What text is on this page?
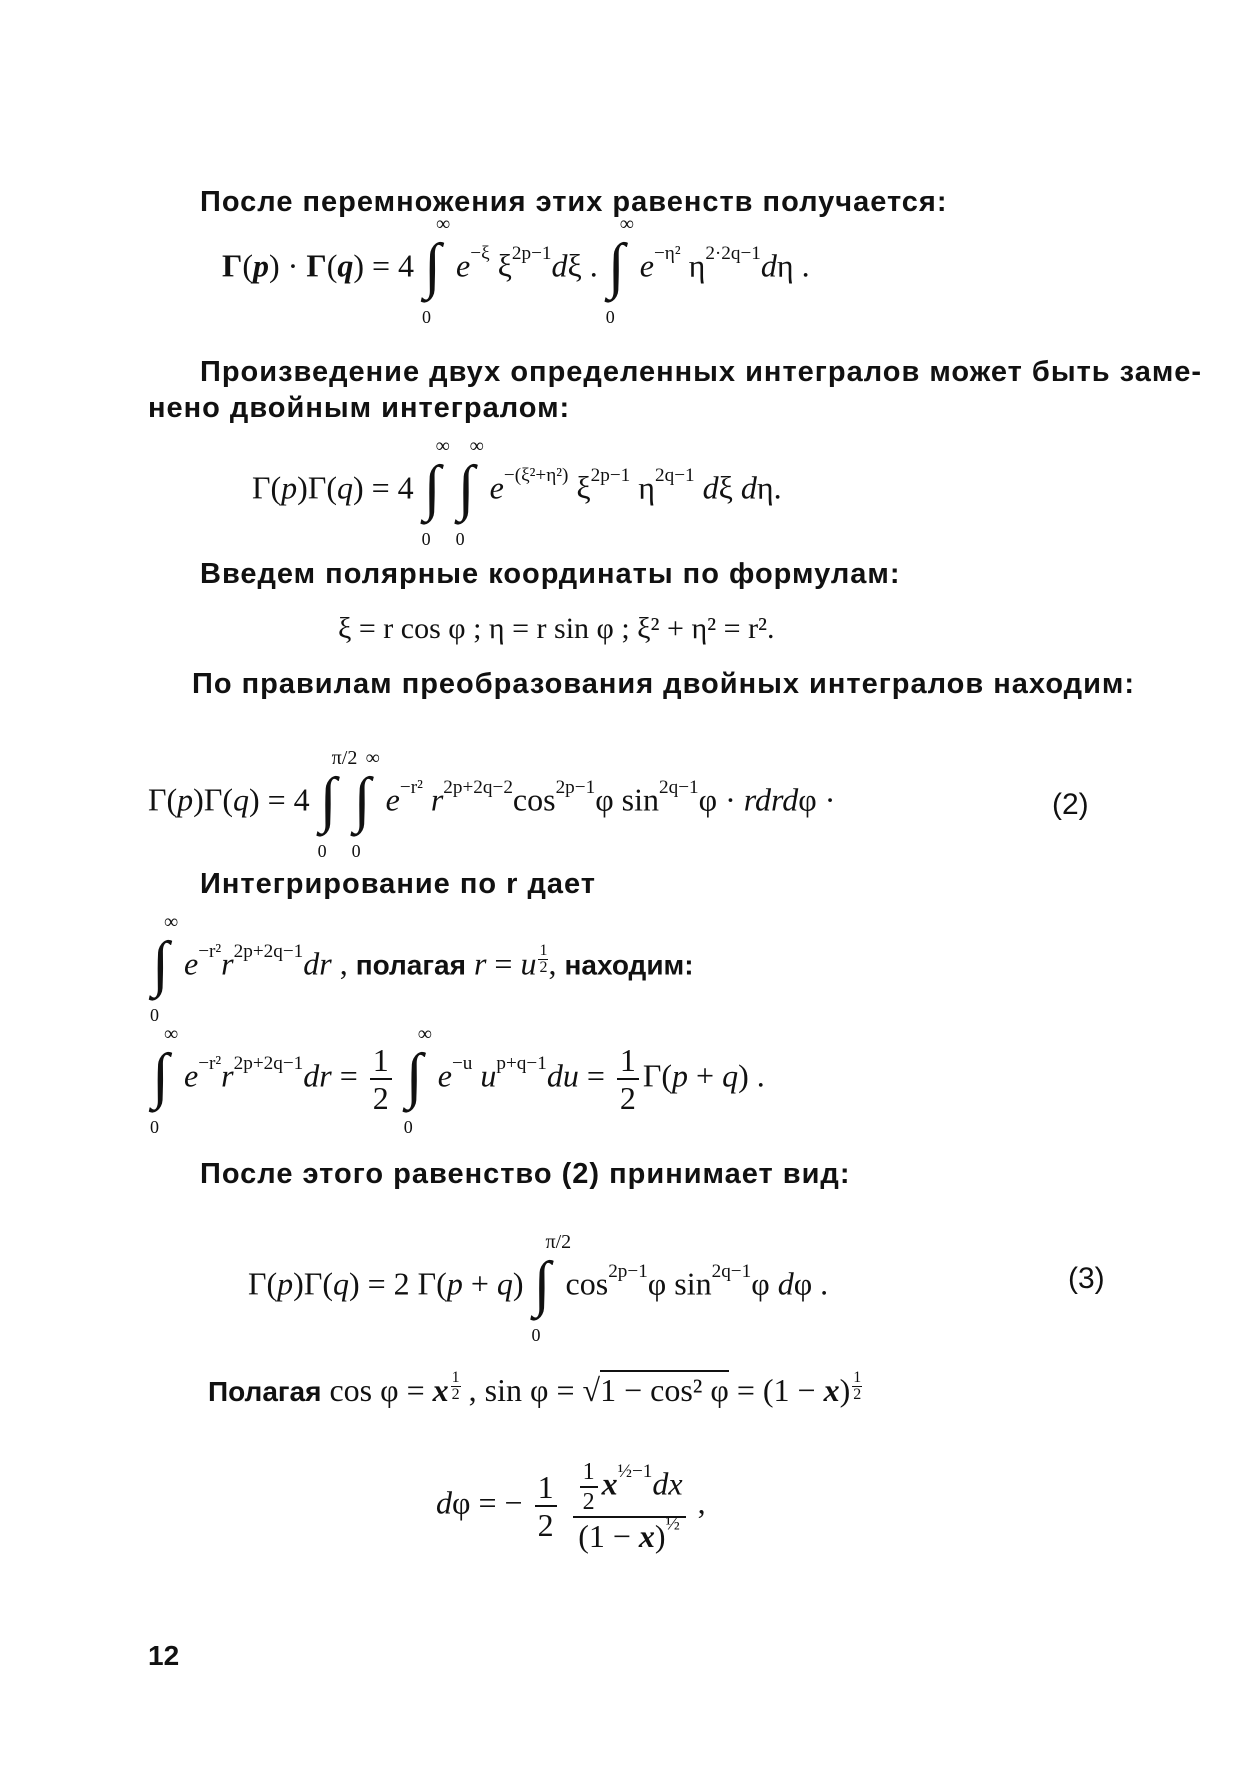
После перемножения этих равенств получается:
Γ(p) · Γ(q) = 4 ∫
∞
0
$e^{-\xi}$ $\xi^{2p-1}d\xi$ . ∫
∞
0
$e^{-\eta^2}$ $\eta^{2\cdot 2q-1}d\eta$ .
Произведение двух определенных интегралов может быть заме-
нено двойным интегралом:
Γ(p)Γ(q) = 4 ∫
∞
0

∫
∞
0
$e^{-(\xi^2+\eta^2)}$ $\xi^{2p-1}$ $\eta^{2q-1}$ dξ dη.
Введем полярные координаты по формулам:
ξ = r cos φ ; η = r sin φ ; ξ² + η² = r².
По правилам преобразования двойных интегралов находим:
Γ(p)Γ(q) = 4 ∫
π/2
0

∫
∞
0
$e^{-r^2}$ $r^{2p+2q-2}\cos^{2p-1}\varphi$ $\sin^{2q-1}\varphi$ · rdrdφ ·	(2)
Интегрирование по r дает
∫
∞
0
$e^{-r^2}r^{2p+2q-1}dr$ , полагая r = u $\frac{1}{2}$ , находим:
∫
∞
0
$e^{-r^2}r^{2p+2q-1}dr = \frac{1}{2}$
∫
∞
0
$e^{-u}$ $u^{p+q-1}du = \frac{1}{2} \Gamma(p + q)$ .
После этого равенство (2) принимает вид:
Γ(p)Γ(q) = 2 Γ(p + q) ∫
π/2
0
$\cos^{2p-1}\varphi$ $\sin^{2q-1}\varphi$ dφ .	(3)
Полагая cos φ = x $\frac{1}{2}$ , sin φ = √1 − cos² $\varphi = (1 - x) \frac{1}{2}$
dφ = − $\frac{1}{2}$
$\frac{\frac{1}{2} x^{\frac{1}{2}-1}dx}{(1 - x)^{\frac{1}{2}}}$ ,
12
